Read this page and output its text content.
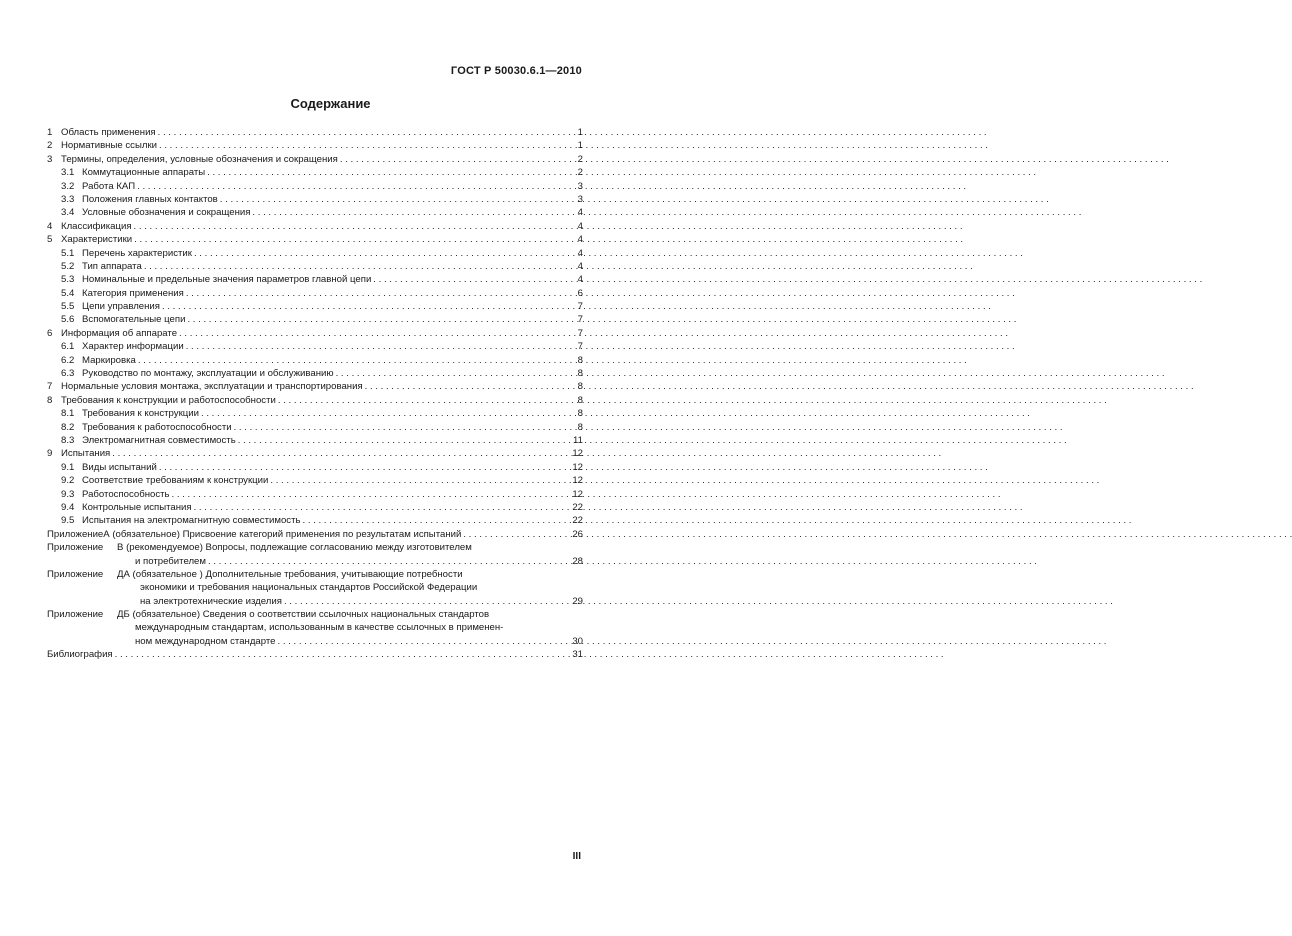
ГОСТ Р 50030.6.1—2010
Содержание
1 Область применения . . .	1
2 Нормативные ссылки . . .	1
3 Термины, определения, условные обозначения и сокращения . . .	2
3.1 Коммутационные аппараты . . .	2
3.2 Работа КАП . . .	3
3.3 Положения главных контактов . . .	3
3.4 Условные обозначения и сокращения . . .	4
4 Классификация . . .	4
5 Характеристики . . .	4
5.1 Перечень характеристик . . .	4
5.2 Тип аппарата . . .	4
5.3 Номинальные и предельные значения параметров главной цепи . . .	4
5.4 Категория применения . . .	6
5.5 Цепи управления . . .	7
5.6 Вспомогательные цепи . . .	7
6 Информация об аппарате . . .	7
6.1 Характер информации . . .	7
6.2 Маркировка . . .	8
6.3 Руководство по монтажу, эксплуатации и обслуживанию . . .	8
7 Нормальные условия монтажа, эксплуатации и транспортирования . . .	8
8 Требования к конструкции и работоспособности . . .	8
8.1 Требования к конструкции . . .	8
8.2 Требования к работоспособности . . .	8
8.3 Электромагнитная совместимость . . .	11
9 Испытания . . .	12
9.1 Виды испытаний . . .	12
9.2 Соответствие требованиям к конструкции . . .	12
9.3 Работоспособность . . .	12
9.4 Контрольные испытания . . .	22
9.5 Испытания на электромагнитную совместимость . . .	22
Приложение А (обязательное) Присвоение категорий применения по результатам испытаний . . .	26
Приложение	В (рекомендуемое) Вопросы, подлежащие согласованию между изготовителем
и потребителем . . .	28
Приложение	ДА (обязательное ) Дополнительные требования, учитывающие потребности
экономики и требования национальных стандартов Российской Федерации
на электротехнические изделия . . .	29
Приложение	ДБ (обязательное) Сведения о соответствии ссылочных национальных стандартов
международным стандартам, использованным в качестве ссылочных в применен-
ном международном стандарте . . .	30
Библиография . . .	31
III
